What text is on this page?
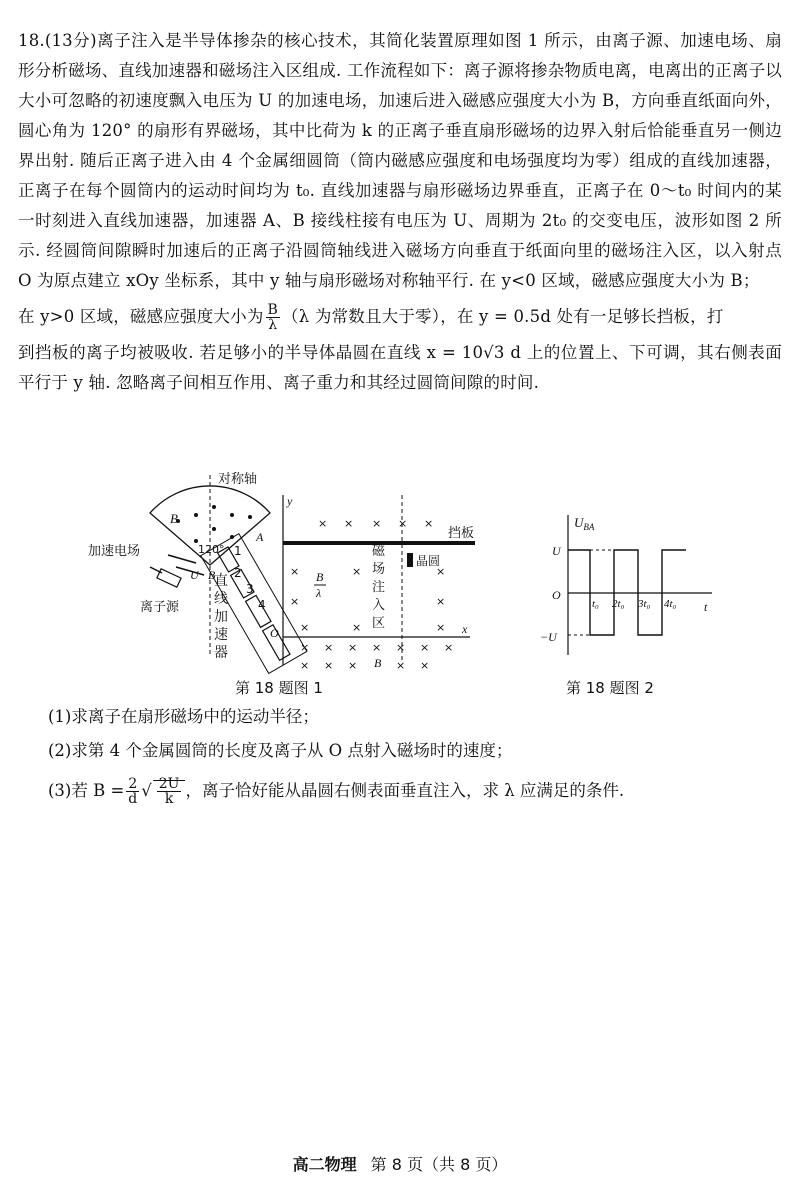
18.(13分)离子注入是半导体掺杂的核心技术，其简化装置原理如图 1 所示，由离子源、加速电场、扇形分析磁场、直线加速器和磁场注入区组成. 工作流程如下：离子源将掺杂物质电离，电离出的正离子以大小可忽略的初速度飘入电压为 U 的加速电场，加速后进入磁感应强度大小为 B，方向垂直纸面向外，圆心角为 120° 的扇形有界磁场，其中比荷为 k 的正离子垂直扇形磁场的边界入射后恰能垂直另一侧边界出射. 随后正离子进入由 4 个金属细圆筒（筒内磁感应强度和电场强度均为零）组成的直线加速器，正离子在每个圆筒内的运动时间均为 t₀. 直线加速器与扇形磁场边界垂直，正离子在 0～t₀ 时间内的某一时刻进入直线加速器，加速器 A、B 接线柱接有电压为 U、周期为 2t₀ 的交变电压，波形如图 2 所示. 经圆筒间隙瞬时加速后的正离子沿圆筒轴线进入磁场方向垂直于纸面向里的磁场注入区，以入射点 O 为原点建立 xOy 坐标系，其中 y 轴与扇形磁场对称轴平行. 在 y<0 区域，磁感应强度大小为 B；

在 y>0 区域，磁感应强度大小为 $\frac{B}{\lambda} (\lambda$ 为常数且大于零），在 y = 0.5d 处有一足够长挡板，打

到挡板的离子均被吸收. 若足够小的半导体晶圆在直线 x = 10√3 d 上的位置上、下可调，其右侧表面平行于 y 轴. 忽略离子间相互作用、离子重力和其经过圆筒间隙的时间.

对称轴
B
120°
A
加速电场
U B
离子源
1
2
3
4
直
线
加
速
器
y
x
O
挡板
晶圆
× × × × ×
×	×	×
×	×
×	×	×
× × × × × × ×
× × ×	× ×
B
λ
磁
场
注
入
区
B
$U_{BA}$
t
O
U
−U
t₀ 2t₀ 3t₀ 4t₀
第 18 题图 1	第 18 题图 2

(1)求离子在扇形磁场中的运动半径；

(2)求第 4 个金属圆筒的长度及离子从 O 点射入磁场时的速度；

(3)若 $B = \frac{2}{d}$ √ $\frac{2U}{k}$ ，离子恰好能从晶圆右侧表面垂直注入，求 λ 应满足的条件.

高二物理 第 8 页（共 8 页）
